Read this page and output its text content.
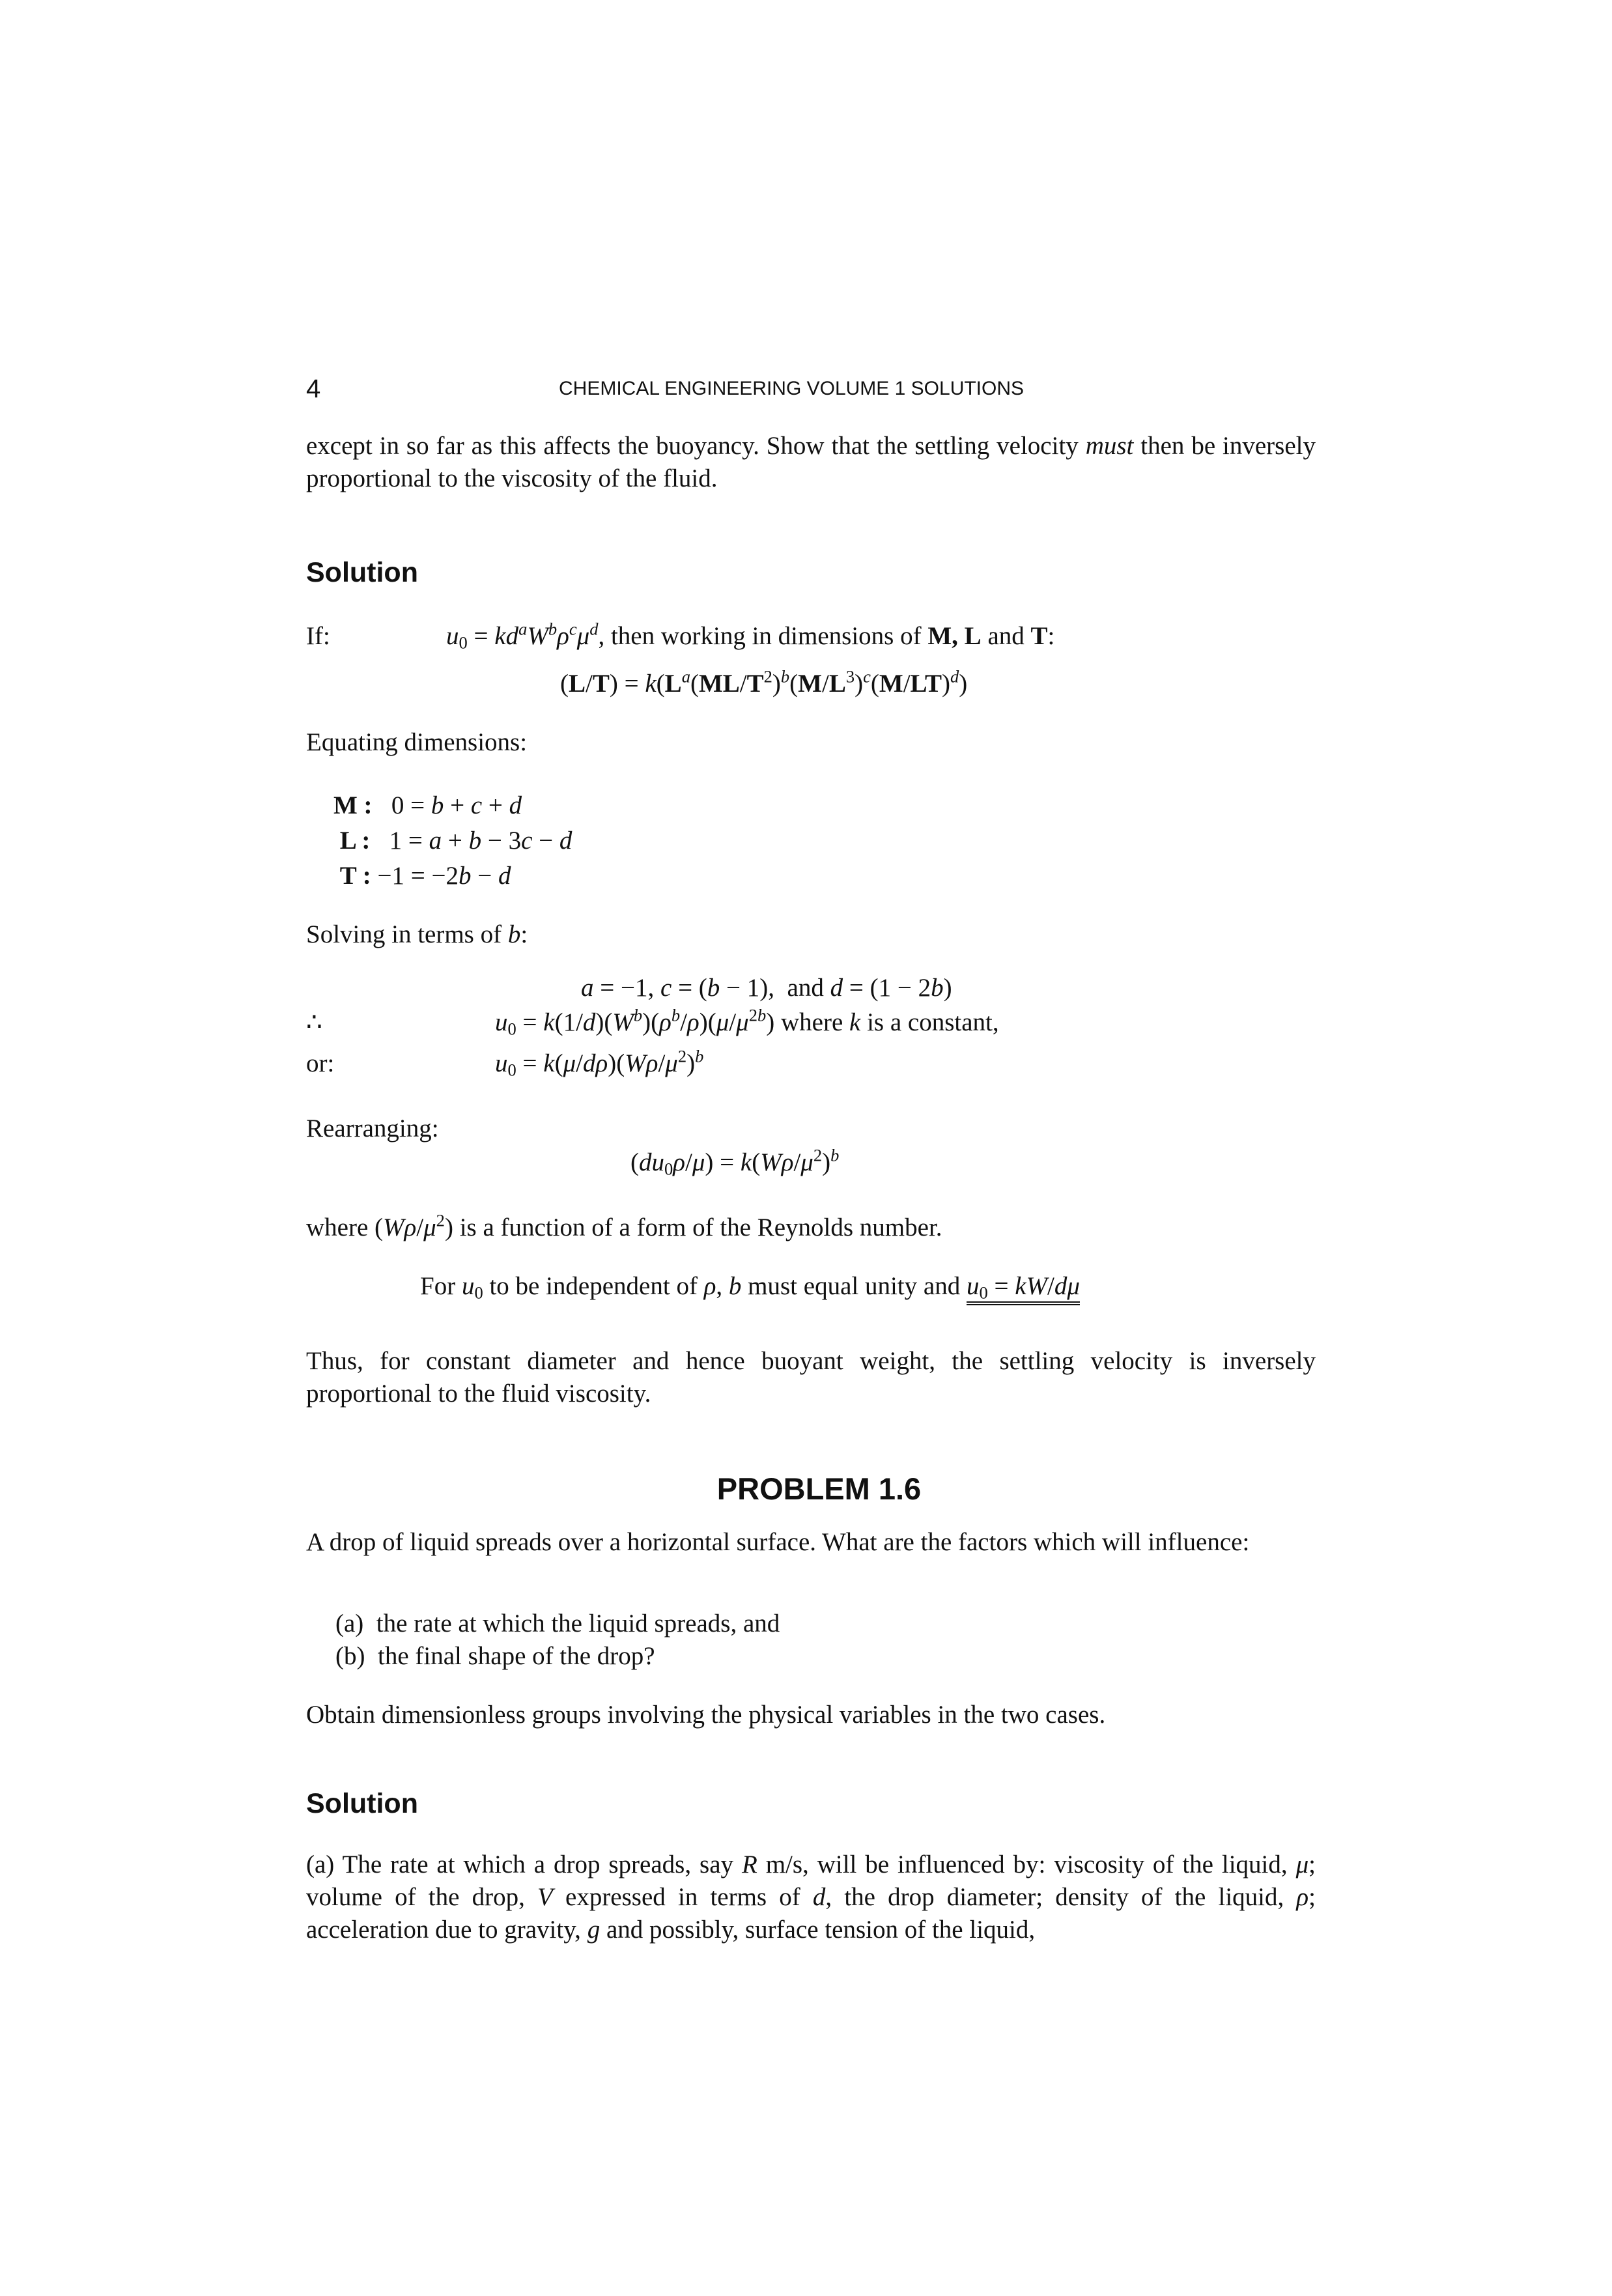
4	CHEMICAL ENGINEERING VOLUME 1 SOLUTIONS
except in so far as this affects the buoyancy. Show that the settling velocity must then be inversely proportional to the viscosity of the fluid.
Solution
If:	$u_0 = kd^aW^b\rho^c\mu^d$, then working in dimensions of M, L and T:
$(L/T) = k(L^a(ML/T^2)^b(M/L^3)^c(M/LT)^d)$
Equating dimensions:
M :   0 = b + c + d
L :   1 = a + b − 3c − d
T : −1 = −2b − d
Solving in terms of b:
a = −1, c = (b − 1),  and d = (1 − 2b)
∴	$u_0 = k(1/d)(W^b)(\rho^b/\rho)(\mu/\mu^{2b})$ where k is a constant,
or:	$u_0 = k(\mu/d\rho)(W\rho/\mu^2)^b$
Rearranging:
$(du_0\rho/\mu) = k(W\rho/\mu^2)^b$
where $(W\rho/\mu^2)$ is a function of a form of the Reynolds number.
For $u_0$ to be independent of ρ, b must equal unity and $u_0 = kW/d\mu$
Thus, for constant diameter and hence buoyant weight, the settling velocity is inversely proportional to the fluid viscosity.
PROBLEM 1.6
A drop of liquid spreads over a horizontal surface. What are the factors which will influence:
(a) the rate at which the liquid spreads, and
(b) the final shape of the drop?
Obtain dimensionless groups involving the physical variables in the two cases.
Solution
(a) The rate at which a drop spreads, say R m/s, will be influenced by: viscosity of the liquid, μ; volume of the drop, V expressed in terms of d, the drop diameter; density of the liquid, ρ; acceleration due to gravity, g and possibly, surface tension of the liquid,
